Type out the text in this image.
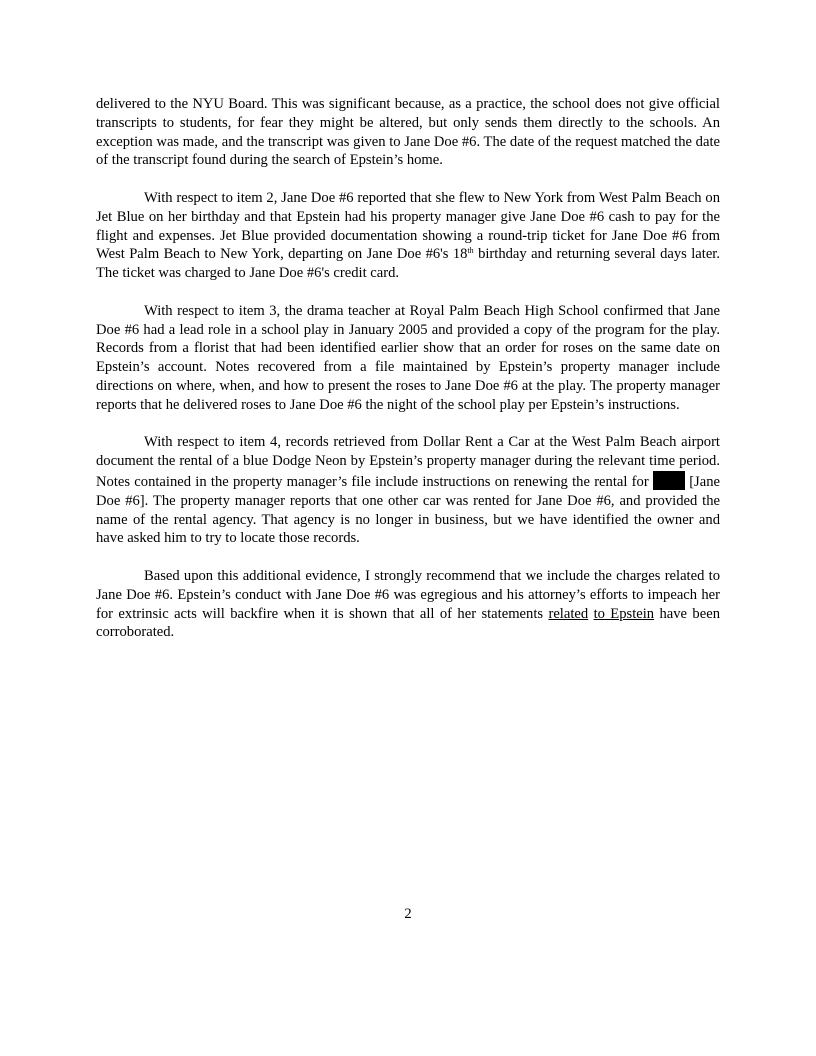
delivered to the NYU Board. This was significant because, as a practice, the school does not give official transcripts to students, for fear they might be altered, but only sends them directly to the schools. An exception was made, and the transcript was given to Jane Doe #6. The date of the request matched the date of the transcript found during the search of Epstein’s home.

With respect to item 2, Jane Doe #6 reported that she flew to New York from West Palm Beach on Jet Blue on her birthday and that Epstein had his property manager give Jane Doe #6 cash to pay for the flight and expenses. Jet Blue provided documentation showing a round-trip ticket for Jane Doe #6 from West Palm Beach to New York, departing on Jane Doe #6's 18th birthday and returning several days later. The ticket was charged to Jane Doe #6's credit card.

With respect to item 3, the drama teacher at Royal Palm Beach High School confirmed that Jane Doe #6 had a lead role in a school play in January 2005 and provided a copy of the program for the play. Records from a florist that had been identified earlier show that an order for roses on the same date on Epstein’s account. Notes recovered from a file maintained by Epstein’s property manager include directions on where, when, and how to present the roses to Jane Doe #6 at the play. The property manager reports that he delivered roses to Jane Doe #6 the night of the school play per Epstein’s instructions.

With respect to item 4, records retrieved from Dollar Rent a Car at the West Palm Beach airport document the rental of a blue Dodge Neon by Epstein’s property manager during the relevant time period. Notes contained in the property manager’s file include instructions on renewing the rental for  [Jane Doe #6]. The property manager reports that one other car was rented for Jane Doe #6, and provided the name of the rental agency. That agency is no longer in business, but we have identified the owner and have asked him to try to locate those records.

Based upon this additional evidence, I strongly recommend that we include the charges related to Jane Doe #6. Epstein’s conduct with Jane Doe #6 was egregious and his attorney’s efforts to impeach her for extrinsic acts will backfire when it is shown that all of her statements related to Epstein have been corroborated.

2
